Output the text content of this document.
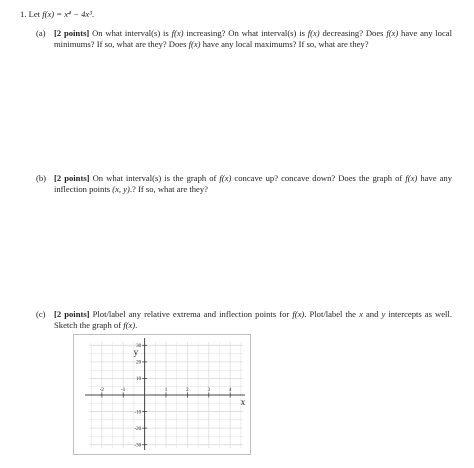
1. Let f(x) = x⁴ − 4x³.
(a) [2 points] On what interval(s) is f(x) increasing? On what interval(s) is f(x) decreasing? Does f(x) have any local minimums? If so, what are they? Does f(x) have any local maximums? If so, what are they?
(b) [2 points] On what interval(s) is the graph of f(x) concave up? concave down? Does the graph of f(x) have any inflection points (x, y).? If so, what are they?
(c) [2 points] Plot/label any relative extrema and inflection points for f(x). Plot/label the x and y intercepts as well. Sketch the graph of f(x).
-2	-1	1	2	3	4
30
20
10
-10
-20
-30
x
y
